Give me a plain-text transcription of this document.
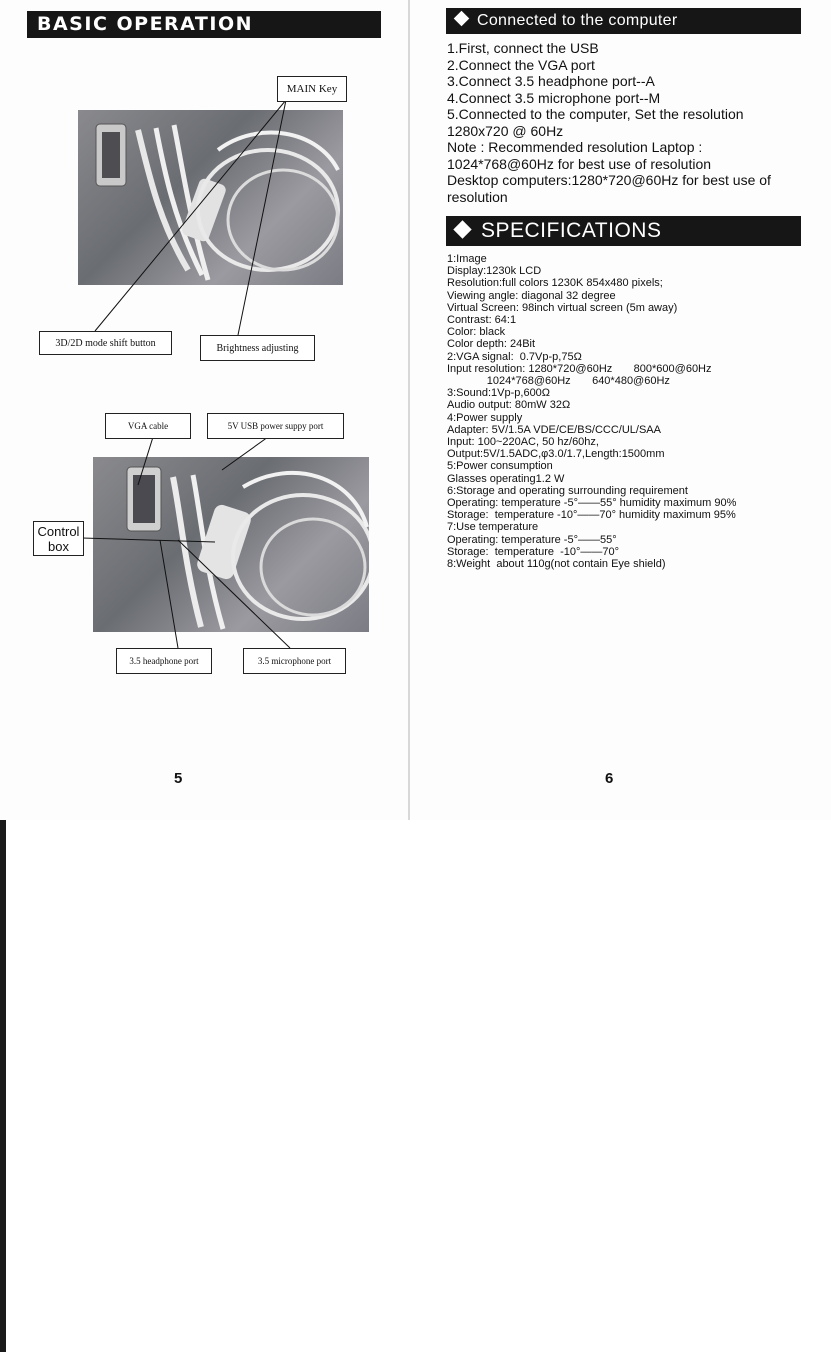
BASIC OPERATION
MAIN Key
3D/2D mode shift button	Brightness adjusting
VGA cable	5V USB power suppy port
Control
box
3.5 headphone port	3.5 microphone port
5
Connected to the computer
1.First, connect the USB
2.Connect the VGA port
3.Connect 3.5 headphone port--A
4.Connect 3.5 microphone port--M
5.Connected to the computer, Set the resolution
1280x720 @ 60Hz
Note : Recommended resolution Laptop :
1024*768@60Hz for best use of resolution
Desktop computers:1280*720@60Hz for best use of
resolution
SPECIFICATIONS
1:Image
Display:1230k LCD
Resolution:full colors 1230K 854x480 pixels;
Viewing angle: diagonal 32 degree
Virtual Screen: 98inch virtual screen (5m away)
Contrast: 64:1
Color: black
Color depth: 24Bit
2:VGA signal:  0.7Vp-p,75Ω
Input resolution: 1280*720@60Hz       800*600@60Hz
1024*768@60Hz       640*480@60Hz
3:Sound:1Vp-p,600Ω
Audio output: 80mW 32Ω
4:Power supply
Adapter: 5V/1.5A VDE/CE/BS/CCC/UL/SAA
Input: 100~220AC, 50 hz/60hz,
Output:5V/1.5ADC,φ3.0/1.7,Length:1500mm
5:Power consumption
Glasses operating1.2 W
6:Storage and operating surrounding requirement
Operating: temperature -5°——55° humidity maximum 90%
Storage:  temperature -10°——70° humidity maximum 95%
7:Use temperature
Operating: temperature -5°——55°
Storage:  temperature  -10°——70°
8:Weight  about 110g(not contain Eye shield)
6
